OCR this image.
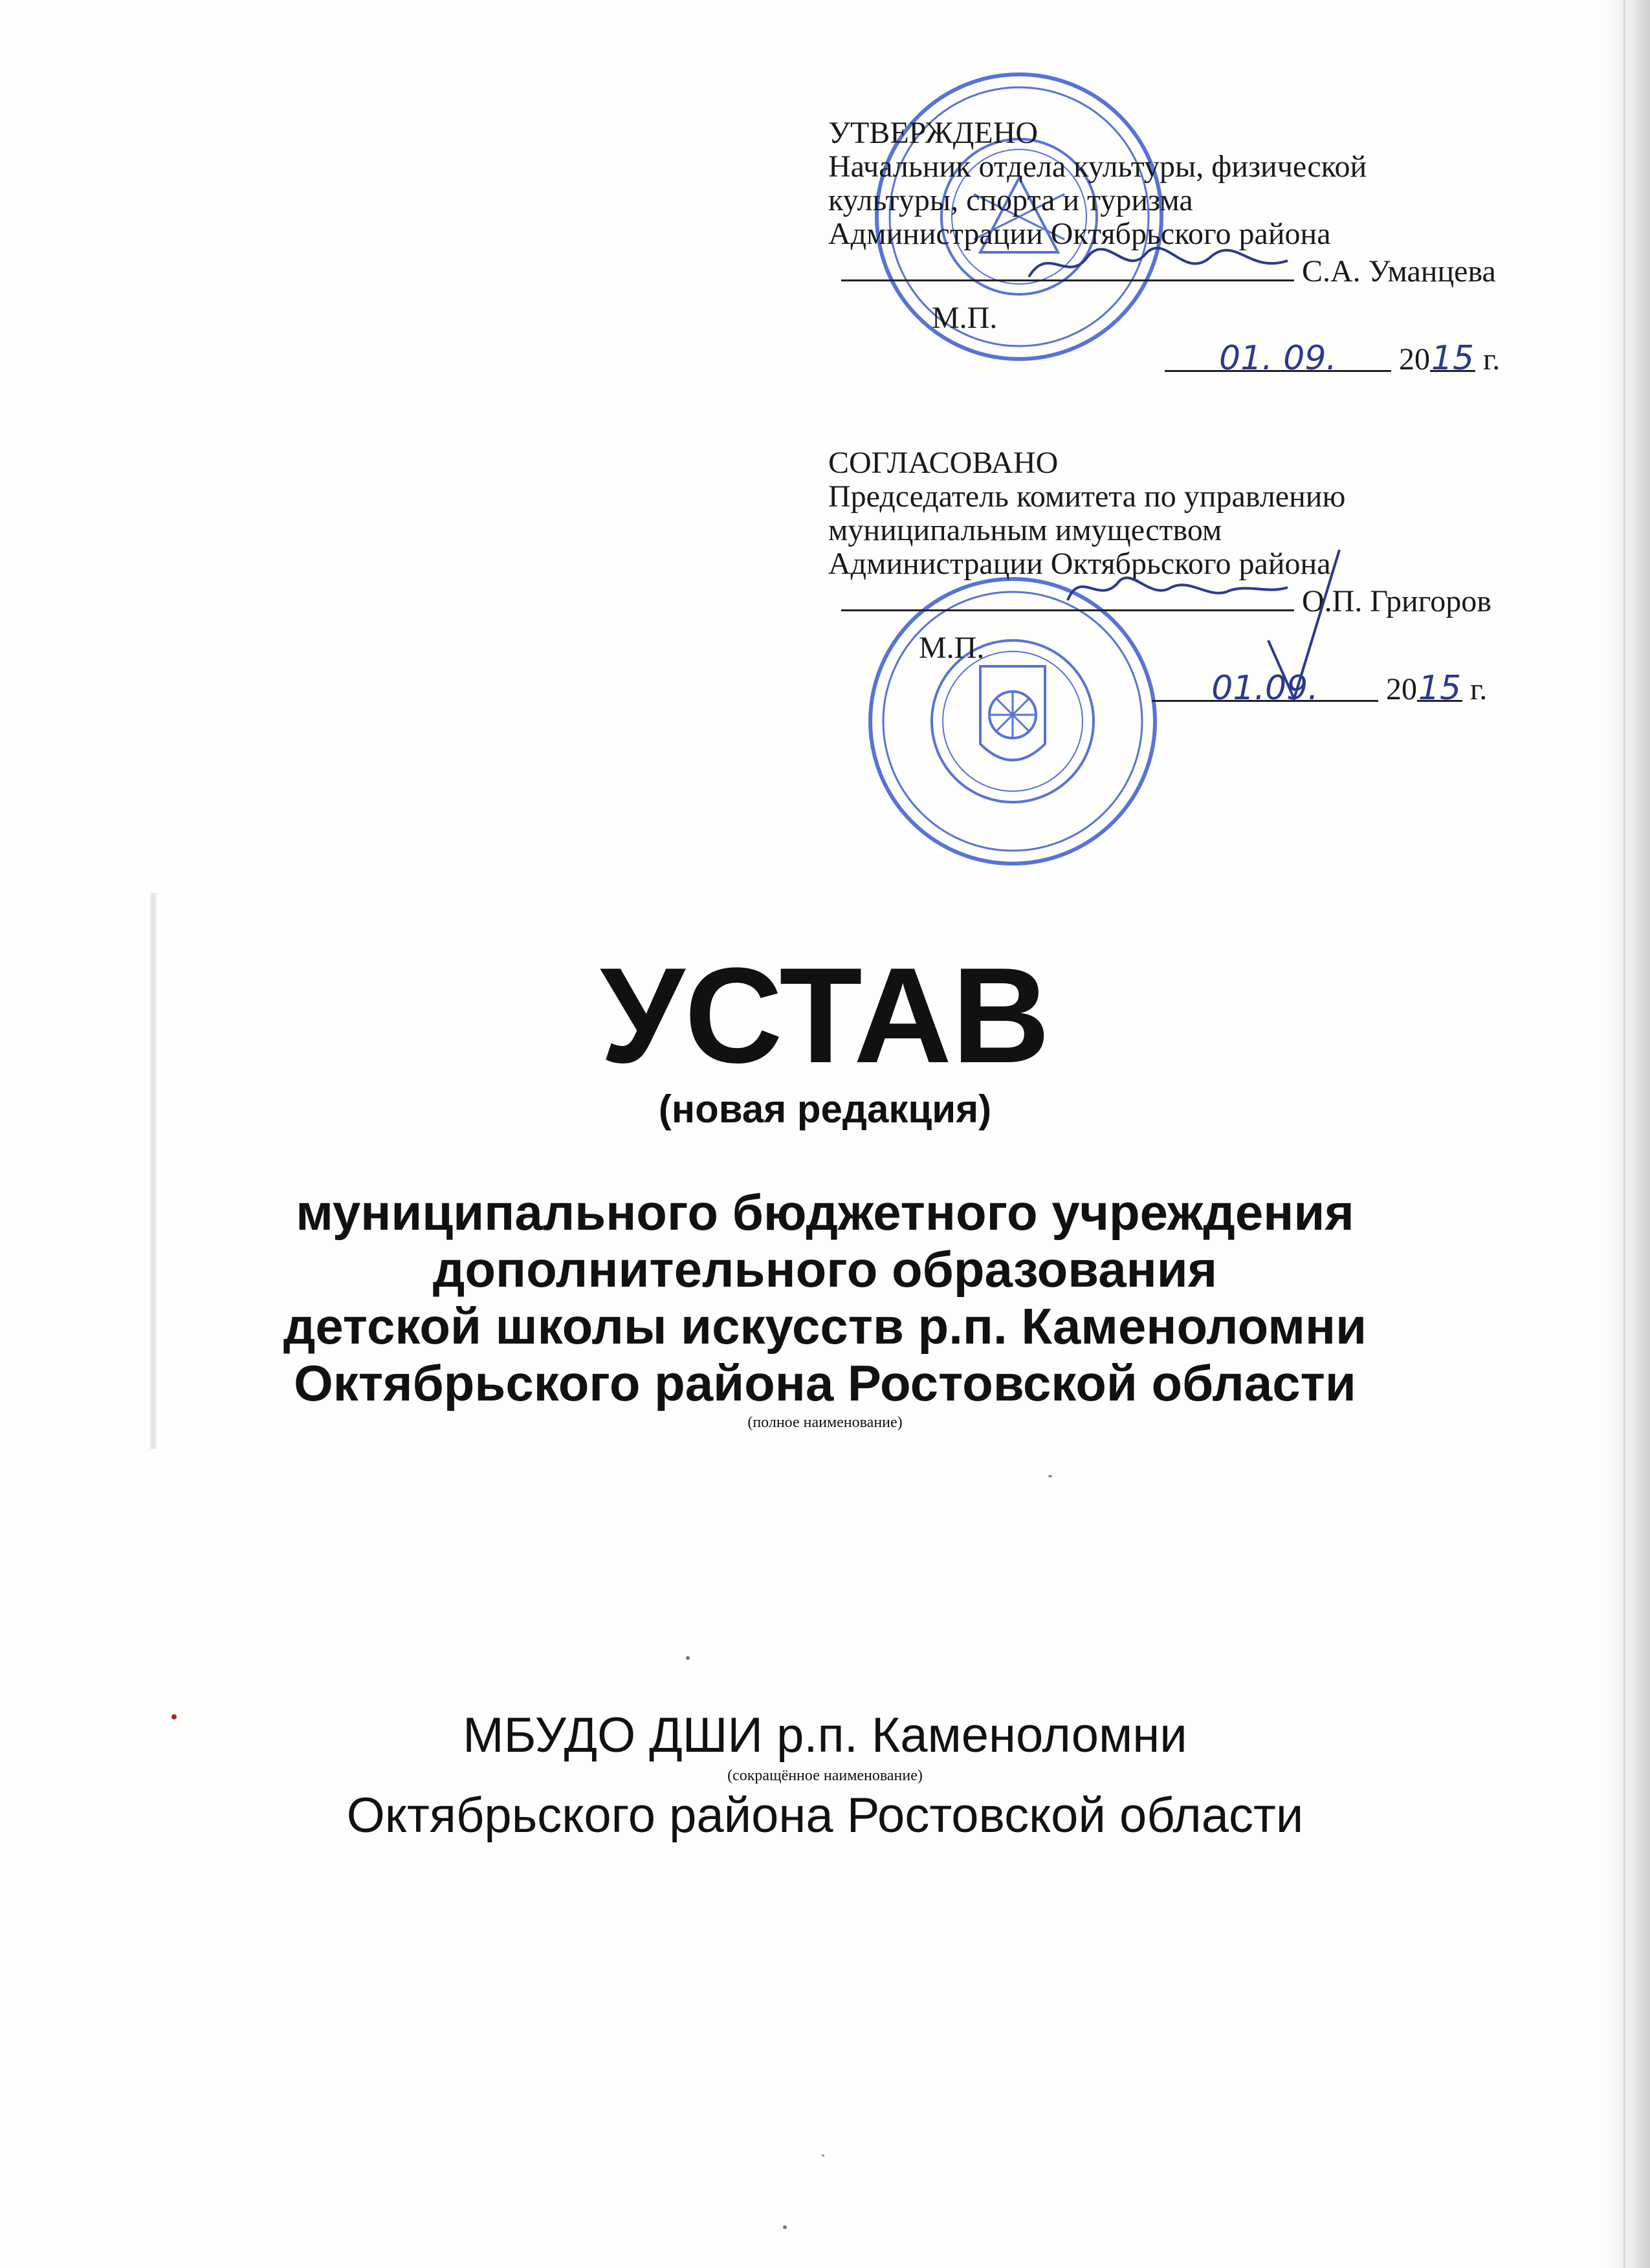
УТВЕРЖДЕНО
Начальник отдела культуры, физической
культуры, спорта и туризма
Администрации Октябрьского района
С.А. Уманцева
М.П.
01. 09. 2015 г.
СОГЛАСОВАНО
Председатель комитета по управлению
муниципальным имуществом
Администрации Октябрьского района
О.П. Григоров
М.П.
01.09. 2015 г.
УСТАВ
(новая редакция)
муниципального бюджетного учреждения
дополнительного образования
детской школы искусств р.п. Каменоломни
Октябрьского района Ростовской области
(полное наименование)
МБУДО ДШИ р.п. Каменоломни
(сокращённое наименование)
Октябрьского района Ростовской области
